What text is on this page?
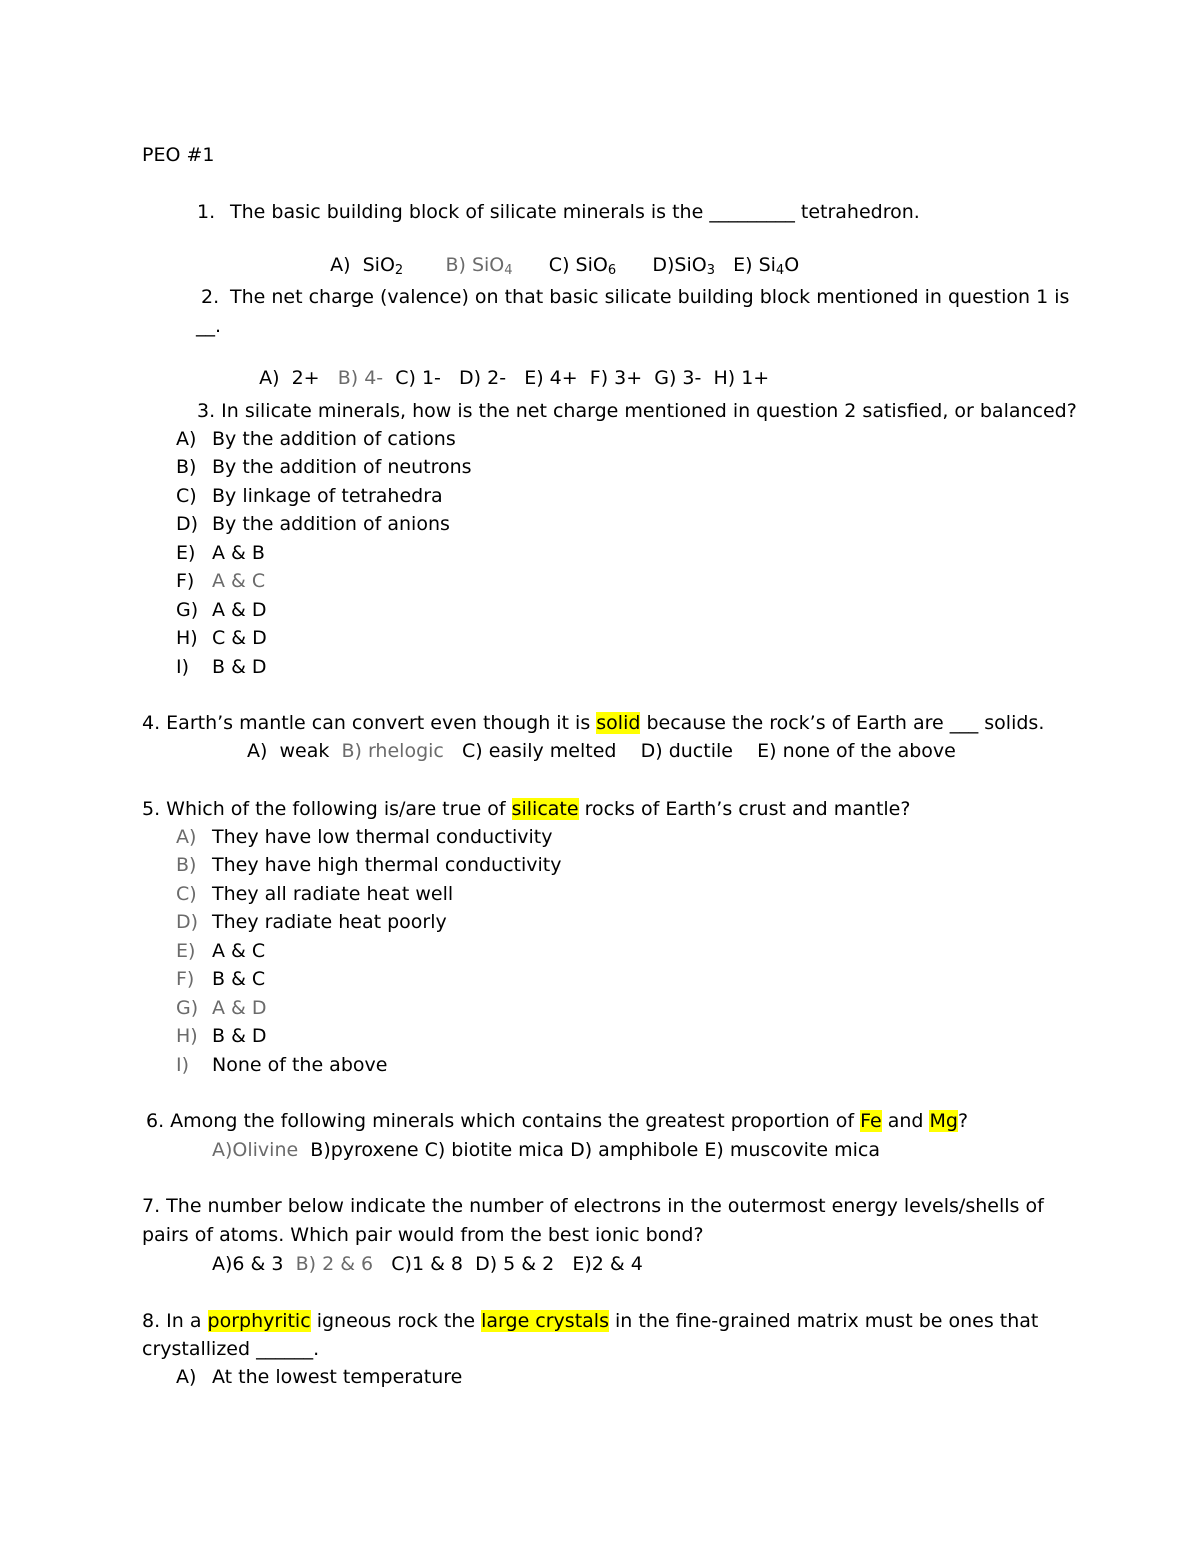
PEO #1
1. The basic building block of silicate minerals is the _________ tetrahedron.

A) SiO2 B) SiO4 C) SiO6 D)SiO3 E) Si4O

2. The net charge (valence) on that basic silicate building block mentioned in question 1 is
__.

A)  2+ B) 4- C) 1- D) 2- E) 4+ F) 3+ G) 3- H) 1+

3. In silicate minerals, how is the net charge mentioned in question 2 satisfied, or balanced?
A) By the addition of cations
B) By the addition of neutrons
C) By linkage of tetrahedra
D) By the addition of anions
E) A & B
F) A & C
G) A & D
H) C & D
I) B & D
4. Earth’s mantle can convert even though it is solid because the rock’s of Earth are ___ solids.
A)  weak B) rhelogic C) easily melted D) ductile E) none of the above
5. Which of the following is/are true of silicate rocks of Earth’s crust and mantle?
A) They have low thermal conductivity
B) They have high thermal conductivity
C) They all radiate heat well
D) They radiate heat poorly
E) A & C
F) B & C
G) A & D
H) B & D
I) None of the above
6. Among the following minerals which contains the greatest proportion of Fe and Mg?
A)Olivine B)pyroxene C) biotite mica D) amphibole E) muscovite mica
7. The number below indicate the number of electrons in the outermost energy levels/shells of
pairs of atoms. Which pair would from the best ionic bond?
A)6 & 3 B) 2 & 6 C)1 & 8  D) 5 & 2   E)2 & 4
8. In a porphyritic igneous rock the large crystals in the fine-grained matrix must be ones that
crystallized ______.
A) At the lowest temperature
